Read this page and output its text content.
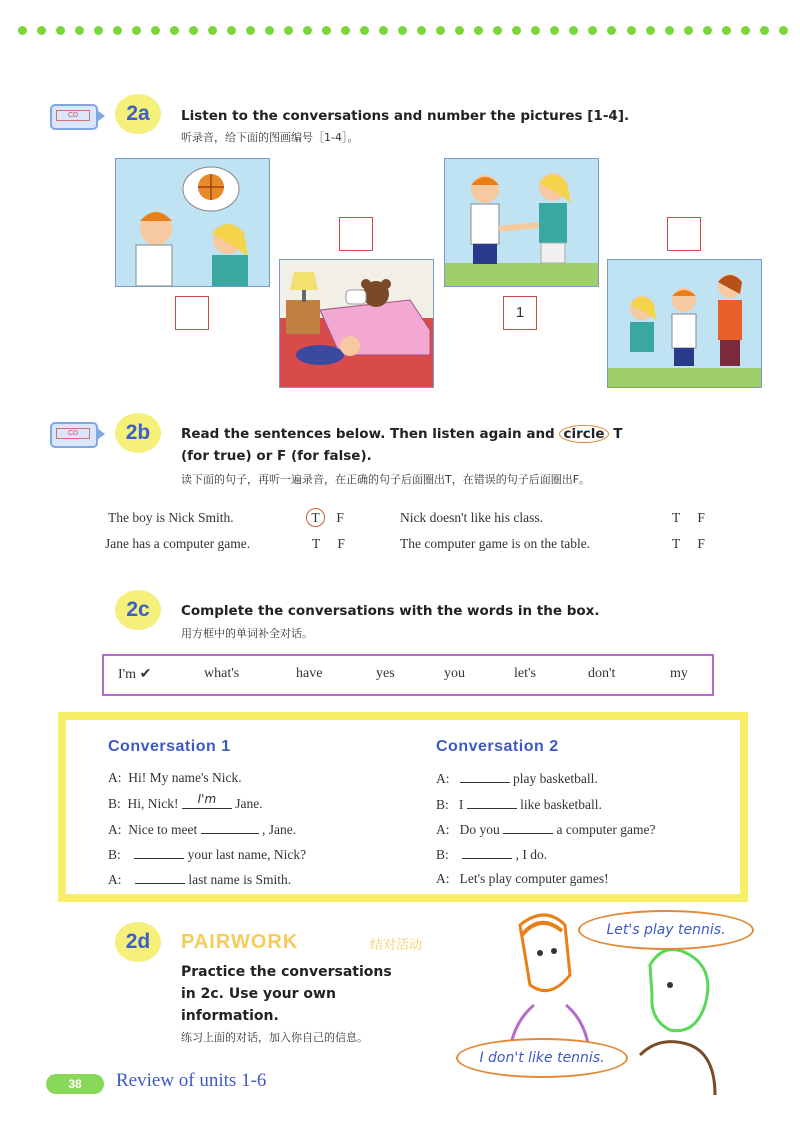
CD	2a	Listen to the conversations and number the pictures [1-4].
听录音，给下面的图画编号［1-4］。
1
CD	2b	Read the sentences below. Then listen again and circle T
(for true) or F (for false).
读下面的句子，再听一遍录音，在正确的句子后面圈出T，在错误的句子后面圈出F。
The boy is Nick Smith.	T F
Jane has a computer game.	T F
Nick doesn't like his class.	T F
The computer game is on the table.	T F
2c	Complete the conversations with the words in the box.
用方框中的单词补全对话。
I'm ✔	what's	have	yes	you	let's	don't	my
Conversation 1
A: Hi! My name's Nick.
B: Hi, Nick! I'm Jane.
A: Nice to meet	, Jane.
B:	your last name, Nick?
A:	last name is Smith.
Conversation 2
A:	play basketball.
B: I	like basketball.
A: Do you	a computer game?
B:	, I do.
A: Let's play computer games!
2d	PAIRWORK	结对活动
Practice the conversations
in 2c. Use your own
information.
练习上面的对话，加入你自己的信息。
Let's play tennis.
I don't like tennis.
38	Review of units 1-6
